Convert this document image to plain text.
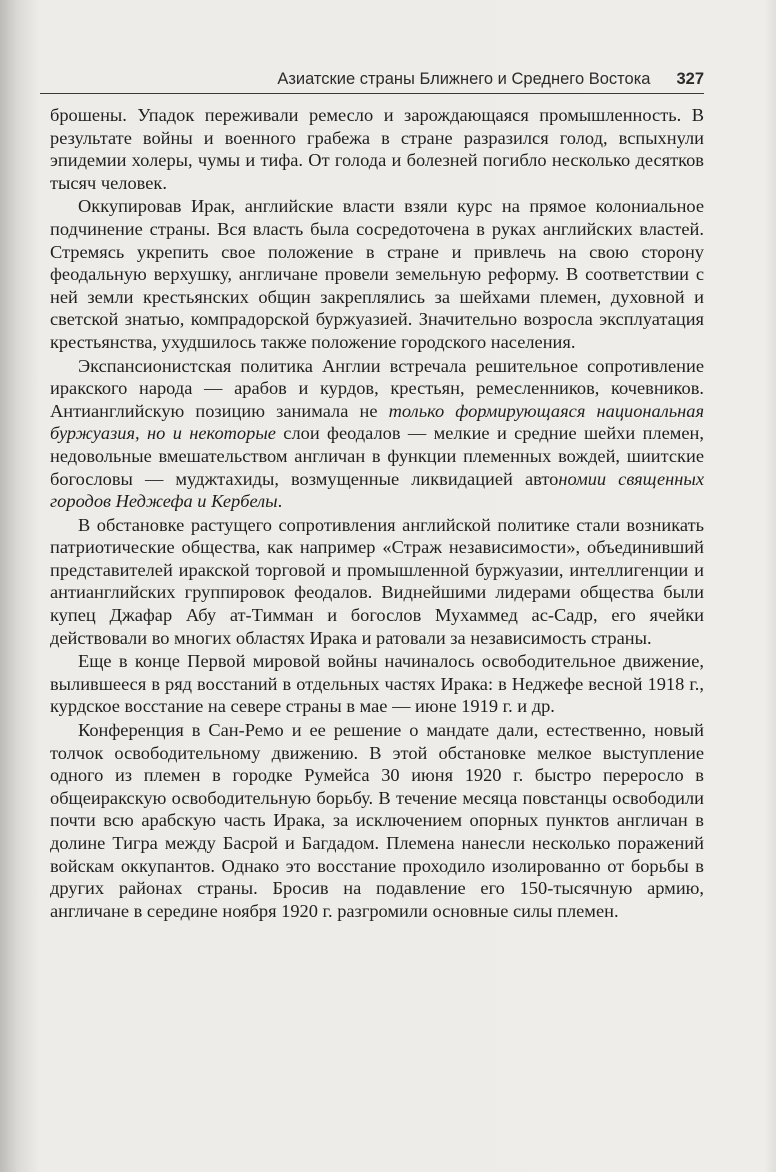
Азиатские страны Ближнего и Среднего Востока 327

брошены. Упадок переживали ремесло и зарождающаяся промышленность. В результате войны и военного грабежа в стране разразился голод, вспыхнули эпидемии холеры, чумы и тифа. От голода и болезней погибло несколько десятков тысяч человек.

Оккупировав Ирак, английские власти взяли курс на прямое колониальное подчинение страны. Вся власть была сосредоточена в руках английских властей. Стремясь укрепить свое положение в стране и привлечь на свою сторону феодальную верхушку, англичане провели земельную реформу. В соответствии с ней земли крестьянских общин закреплялись за шейхами племен, духовной и светской знатью, компрадорской буржуазией. Значительно возросла эксплуатация крестьянства, ухудшилось также положение городского населения.

Экспансионистская политика Англии встречала решительное сопротивление иракского народа — арабов и курдов, крестьян, ремесленников, кочевников. Антианглийскую позицию занимала не только формирующаяся национальная буржуазия, но и некоторые слои феодалов — мелкие и средние шейхи племен, недовольные вмешательством англичан в функции племенных вождей, шиитские богословы — муджтахиды, возмущенные ликвидацией автономии священных городов Неджефа и Кербелы.

В обстановке растущего сопротивления английской политике стали возникать патриотические общества, как например «Страж независимости», объединивший представителей иракской торговой и промышленной буржуазии, интеллигенции и антианглийских группировок феодалов. Виднейшими лидерами общества были купец Джафар Абу ат-Тимман и богослов Мухаммед ас-Садр, его ячейки действовали во многих областях Ирака и ратовали за независимость страны.

Еще в конце Первой мировой войны начиналось освободительное движение, вылившееся в ряд восстаний в отдельных частях Ирака: в Неджефе весной 1918 г., курдское восстание на севере страны в мае — июне 1919 г. и др.

Конференция в Сан-Ремо и ее решение о мандате дали, естественно, новый толчок освободительному движению. В этой обстановке мелкое выступление одного из племен в городке Румейса 30 июня 1920 г. быстро переросло в общеиракскую освободительную борьбу. В течение месяца повстанцы освободили почти всю арабскую часть Ирака, за исключением опорных пунктов англичан в долине Тигра между Басрой и Багдадом. Племена нанесли несколько поражений войскам оккупантов. Однако это восстание проходило изолированно от борьбы в других районах страны. Бросив на подавление его 150-тысячную армию, англичане в середине ноября 1920 г. разгромили основные силы племен.
